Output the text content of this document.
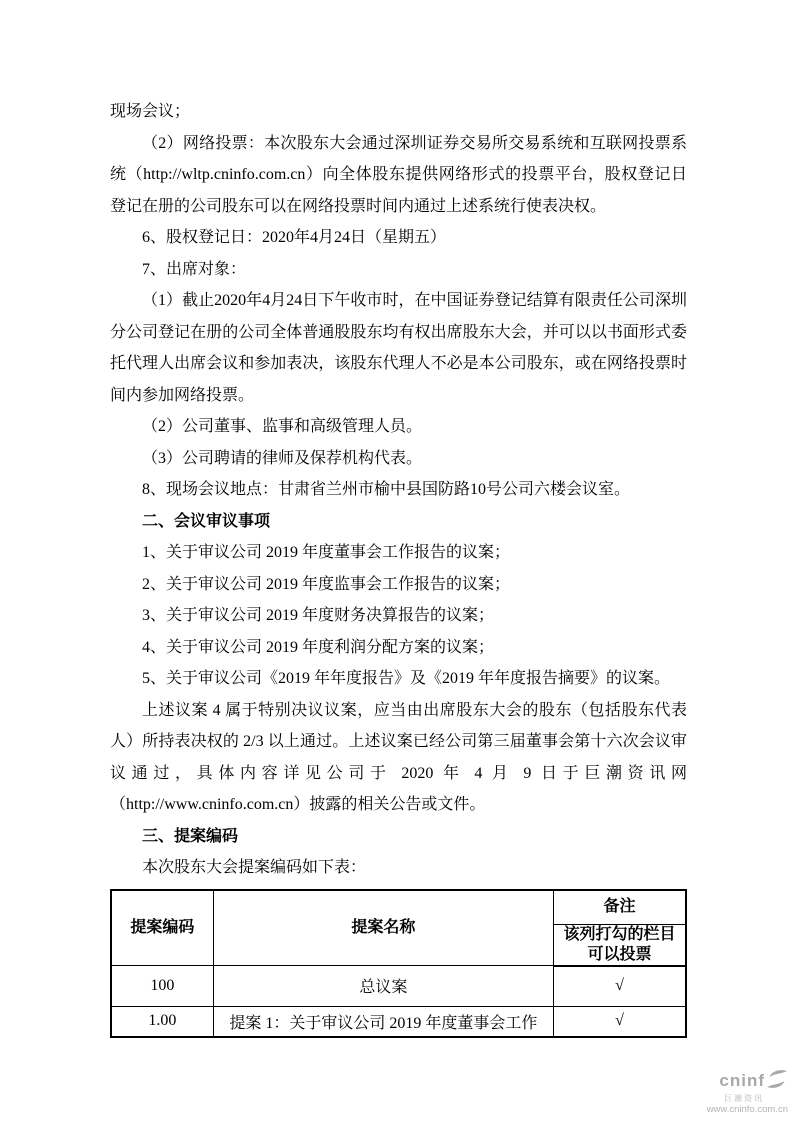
现场会议；

（2）网络投票：本次股东大会通过深圳证券交易所交易系统和互联网投票系统（http://wltp.cninfo.com.cn）向全体股东提供网络形式的投票平台，股权登记日登记在册的公司股东可以在网络投票时间内通过上述系统行使表决权。

6、股权登记日：2020年4月24日（星期五）

7、出席对象：

（1）截止2020年4月24日下午收市时，在中国证券登记结算有限责任公司深圳分公司登记在册的公司全体普通股股东均有权出席股东大会，并可以以书面形式委托代理人出席会议和参加表决，该股东代理人不必是本公司股东，或在网络投票时间内参加网络投票。

（2）公司董事、监事和高级管理人员。

（3）公司聘请的律师及保荐机构代表。

8、现场会议地点：甘肃省兰州市榆中县国防路10号公司六楼会议室。

二、会议审议事项

1、关于审议公司 2019 年度董事会工作报告的议案；

2、关于审议公司 2019 年度监事会工作报告的议案；

3、关于审议公司 2019 年度财务决算报告的议案；

4、关于审议公司 2019 年度利润分配方案的议案；

5、关于审议公司《2019 年年度报告》及《2019 年年度报告摘要》的议案。

上述议案 4 属于特别决议议案，应当由出席股东大会的股东（包括股东代表人）所持表决权的 2/3 以上通过。上述议案已经公司第三届董事会第十六次会议审议通过，具体内容详见公司于 2020 年 4 月 9 日于巨潮资讯网（http://www.cninfo.com.cn）披露的相关公告或文件。

三、提案编码

本次股东大会提案编码如下表：

提案编码	提案名称	备注
		该列打勾的栏目可以投票
100	总议案	√
1.00	提案 1：关于审议公司 2019 年度董事会工作	√
cninf
巨潮资讯
www.cninfo.com.cn
